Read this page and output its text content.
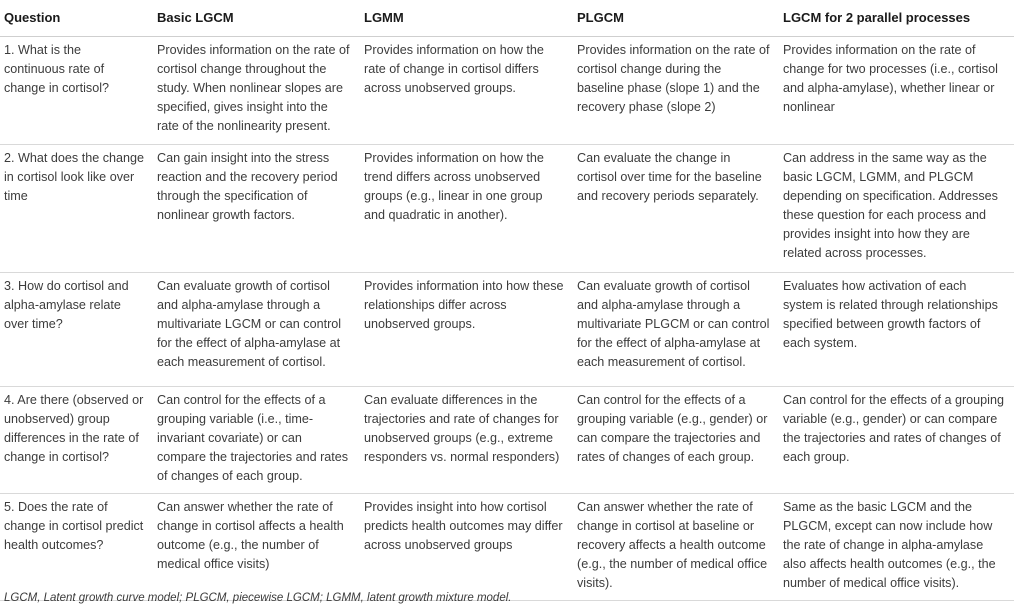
Question	Basic LGCM	LGMM	PLGCM	LGCM for 2 parallel processes
1. What is the continuous rate of change in cortisol?	Provides information on the rate of cortisol change throughout the study. When nonlinear slopes are specified, gives insight into the rate of the nonlinearity present.	Provides information on how the rate of change in cortisol differs across unobserved groups.	Provides information on the rate of cortisol change during the baseline phase (slope 1) and the recovery phase (slope 2)	Provides information on the rate of change for two processes (i.e., cortisol and alpha-amylase), whether linear or nonlinear
2. What does the change in cortisol look like over time	Can gain insight into the stress reaction and the recovery period through the specification of nonlinear growth factors.	Provides information on how the trend differs across unobserved groups (e.g., linear in one group and quadratic in another).	Can evaluate the change in cortisol over time for the baseline and recovery periods separately.	Can address in the same way as the basic LGCM, LGMM, and PLGCM depending on specification. Addresses these question for each process and provides insight into how they are related across processes.
3. How do cortisol and alpha-amylase relate over time?	Can evaluate growth of cortisol and alpha-amylase through a multivariate LGCM or can control for the effect of alpha-amylase at each measurement of cortisol.	Provides information into how these relationships differ across unobserved groups.	Can evaluate growth of cortisol and alpha-amylase through a multivariate PLGCM or can control for the effect of alpha-amylase at each measurement of cortisol.	Evaluates how activation of each system is related through relationships specified between growth factors of each system.
4. Are there (observed or unobserved) group differences in the rate of change in cortisol?	Can control for the effects of a grouping variable (i.e., time-invariant covariate) or can compare the trajectories and rates of changes of each group.	Can evaluate differences in the trajectories and rate of changes for unobserved groups (e.g., extreme responders vs. normal responders)	Can control for the effects of a grouping variable (e.g., gender) or can compare the trajectories and rates of changes of each group.	Can control for the effects of a grouping variable (e.g., gender) or can compare the trajectories and rates of changes of each group.
5. Does the rate of change in cortisol predict health outcomes?	Can answer whether the rate of change in cortisol affects a health outcome (e.g., the number of medical office visits)	Provides insight into how cortisol predicts health outcomes may differ across unobserved groups	Can answer whether the rate of change in cortisol at baseline or recovery affects a health outcome (e.g., the number of medical office visits).	Same as the basic LGCM and the PLGCM, except can now include how the rate of change in alpha-amylase also affects health outcomes (e.g., the number of medical office visits).
LGCM, Latent growth curve model; PLGCM, piecewise LGCM; LGMM, latent growth mixture model.
